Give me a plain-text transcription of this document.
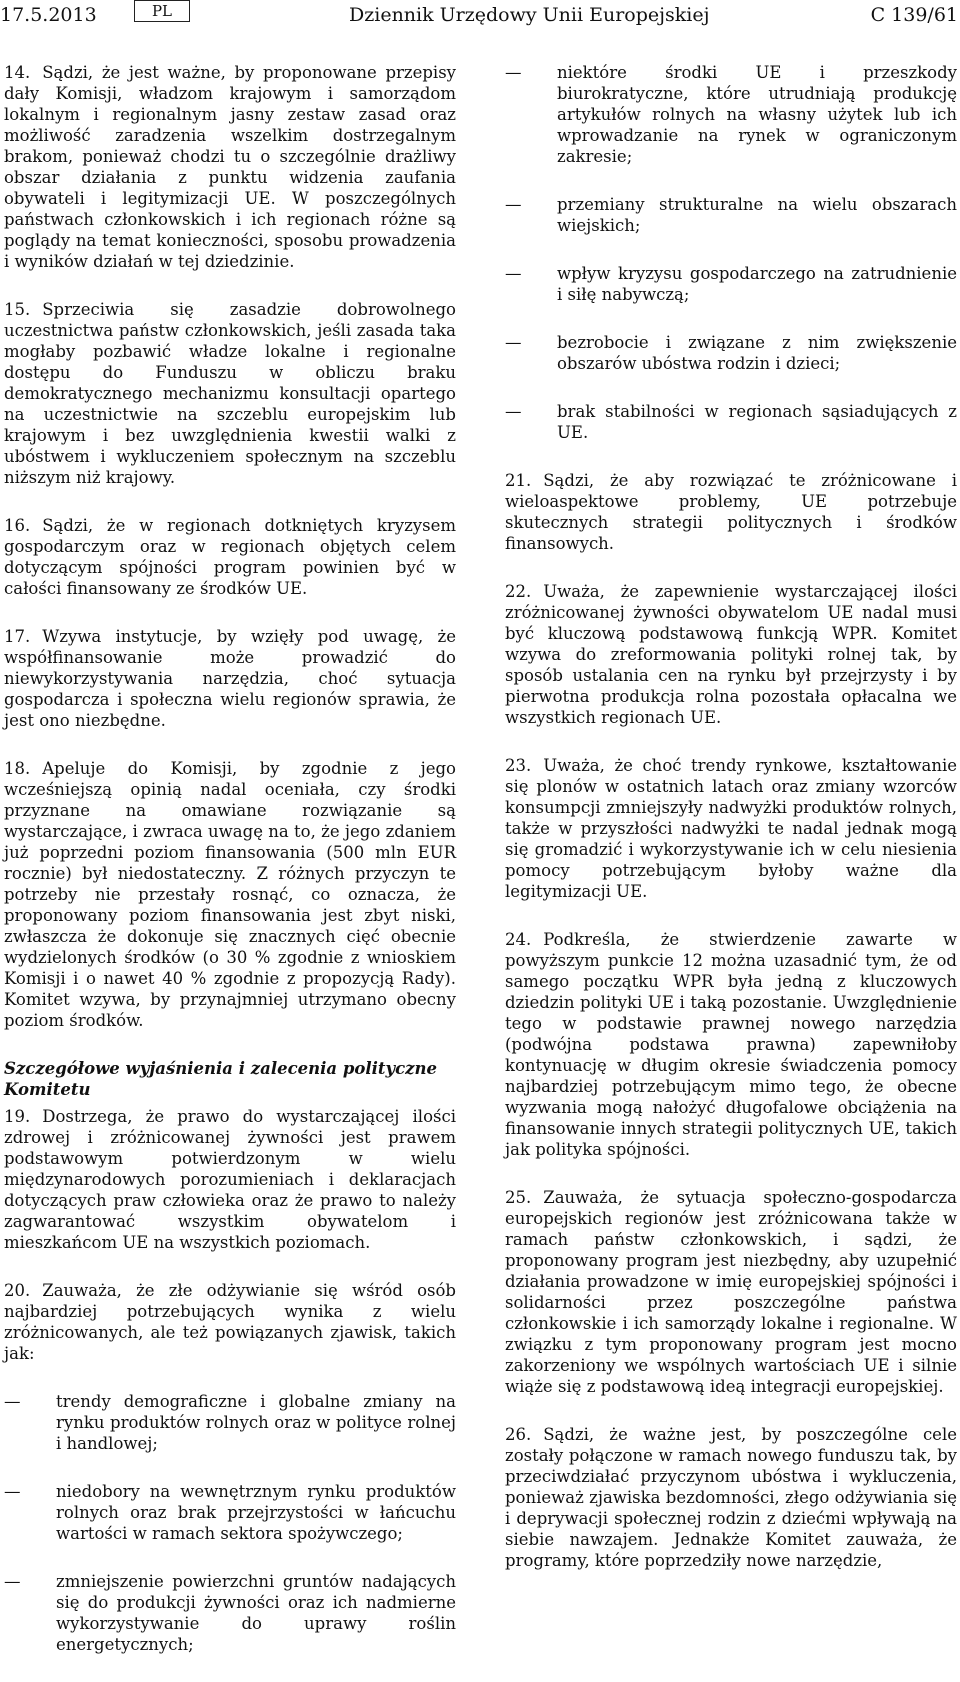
17.5.2013	PL	Dziennik Urzędowy Unii Europejskiej	C 139/61

14. Sądzi, że jest ważne, by proponowane przepisy dały Komisji, władzom krajowym i samorządom lokalnym i regionalnym jasny zestaw zasad oraz możliwość zaradzenia wszelkim dostrzegalnym brakom, ponieważ chodzi tu o szczególnie drażliwy obszar działania z punktu widzenia zaufania obywateli i legitymizacji UE. W poszczególnych państwach członkowskich i ich regionach różne są poglądy na temat konieczności, sposobu prowadzenia i wyników działań w tej dziedzinie.

15. Sprzeciwia się zasadzie dobrowolnego uczestnictwa państw członkowskich, jeśli zasada taka mogłaby pozbawić władze lokalne i regionalne dostępu do Funduszu w obliczu braku demokratycznego mechanizmu konsultacji opartego na uczestnictwie na szczeblu europejskim lub krajowym i bez uwzględnienia kwestii walki z ubóstwem i wykluczeniem społecznym na szczeblu niższym niż krajowy.

16. Sądzi, że w regionach dotkniętych kryzysem gospodarczym oraz w regionach objętych celem dotyczącym spójności program powinien być w całości finansowany ze środków UE.

17. Wzywa instytucje, by wzięły pod uwagę, że współfinansowanie może prowadzić do niewykorzystywania narzędzia, choć sytuacja gospodarcza i społeczna wielu regionów sprawia, że jest ono niezbędne.

18. Apeluje do Komisji, by zgodnie z jego wcześniejszą opinią nadal oceniała, czy środki przyznane na omawiane rozwiązanie są wystarczające, i zwraca uwagę na to, że jego zdaniem już poprzedni poziom finansowania (500 mln EUR rocznie) był niedostateczny. Z różnych przyczyn te potrzeby nie przestały rosnąć, co oznacza, że proponowany poziom finansowania jest zbyt niski, zwłaszcza że dokonuje się znacznych cięć obecnie wydzielonych środków (o 30 % zgodnie z wnioskiem Komisji i o nawet 40 % zgodnie z propozycją Rady). Komitet wzywa, by przynajmniej utrzymano obecny poziom środków.

Szczegółowe wyjaśnienia i zalecenia polityczne Komitetu

19. Dostrzega, że prawo do wystarczającej ilości zdrowej i zróżnicowanej żywności jest prawem podstawowym potwierdzonym w wielu międzynarodowych porozumieniach i deklaracjach dotyczących praw człowieka oraz że prawo to należy zagwarantować wszystkim obywatelom i mieszkańcom UE na wszystkich poziomach.

20. Zauważa, że złe odżywianie się wśród osób najbardziej potrzebujących wynika z wielu zróżnicowanych, ale też powiązanych zjawisk, takich jak:

— trendy demograficzne i globalne zmiany na rynku produktów rolnych oraz w polityce rolnej i handlowej;
— niedobory na wewnętrznym rynku produktów rolnych oraz brak przejrzystości w łańcuchu wartości w ramach sektora spożywczego;
— zmniejszenie powierzchni gruntów nadających się do produkcji żywności oraz ich nadmierne wykorzystywanie do uprawy roślin energetycznych;
— niektóre środki UE i przeszkody biurokratyczne, które utrudniają produkcję artykułów rolnych na własny użytek lub ich wprowadzanie na rynek w ograniczonym zakresie;
— przemiany strukturalne na wielu obszarach wiejskich;
— wpływ kryzysu gospodarczego na zatrudnienie i siłę nabywczą;
— bezrobocie i związane z nim zwiększenie obszarów ubóstwa rodzin i dzieci;
— brak stabilności w regionach sąsiadujących z UE.

21. Sądzi, że aby rozwiązać te zróżnicowane i wieloaspektowe problemy, UE potrzebuje skutecznych strategii politycznych i środków finansowych.

22. Uważa, że zapewnienie wystarczającej ilości zróżnicowanej żywności obywatelom UE nadal musi być kluczową podstawową funkcją WPR. Komitet wzywa do zreformowania polityki rolnej tak, by sposób ustalania cen na rynku był przejrzysty i by pierwotna produkcja rolna pozostała opłacalna we wszystkich regionach UE.

23. Uważa, że choć trendy rynkowe, kształtowanie się plonów w ostatnich latach oraz zmiany wzorców konsumpcji zmniejszyły nadwyżki produktów rolnych, także w przyszłości nadwyżki te nadal jednak mogą się gromadzić i wykorzystywanie ich w celu niesienia pomocy potrzebującym byłoby ważne dla legitymizacji UE.

24. Podkreśla, że stwierdzenie zawarte w powyższym punkcie 12 można uzasadnić tym, że od samego początku WPR była jedną z kluczowych dziedzin polityki UE i taką pozostanie. Uwzględnienie tego w podstawie prawnej nowego narzędzia (podwójna podstawa prawna) zapewniłoby kontynuację w długim okresie świadczenia pomocy najbardziej potrzebującym mimo tego, że obecne wyzwania mogą nałożyć długofalowe obciążenia na finansowanie innych strategii politycznych UE, takich jak polityka spójności.

25. Zauważa, że sytuacja społeczno-gospodarcza europejskich regionów jest zróżnicowana także w ramach państw członkowskich, i sądzi, że proponowany program jest niezbędny, aby uzupełnić działania prowadzone w imię europejskiej spójności i solidarności przez poszczególne państwa członkowskie i ich samorządy lokalne i regionalne. W związku z tym proponowany program jest mocno zakorzeniony we wspólnych wartościach UE i silnie wiąże się z podstawową ideą integracji europejskiej.

26. Sądzi, że ważne jest, by poszczególne cele zostały połączone w ramach nowego funduszu tak, by przeciwdziałać przyczynom ubóstwa i wykluczenia, ponieważ zjawiska bezdomności, złego odżywiania się i deprywacji społecznej rodzin z dziećmi wpływają na siebie nawzajem. Jednakże Komitet zauważa, że programy, które poprzedziły nowe narzędzie,
